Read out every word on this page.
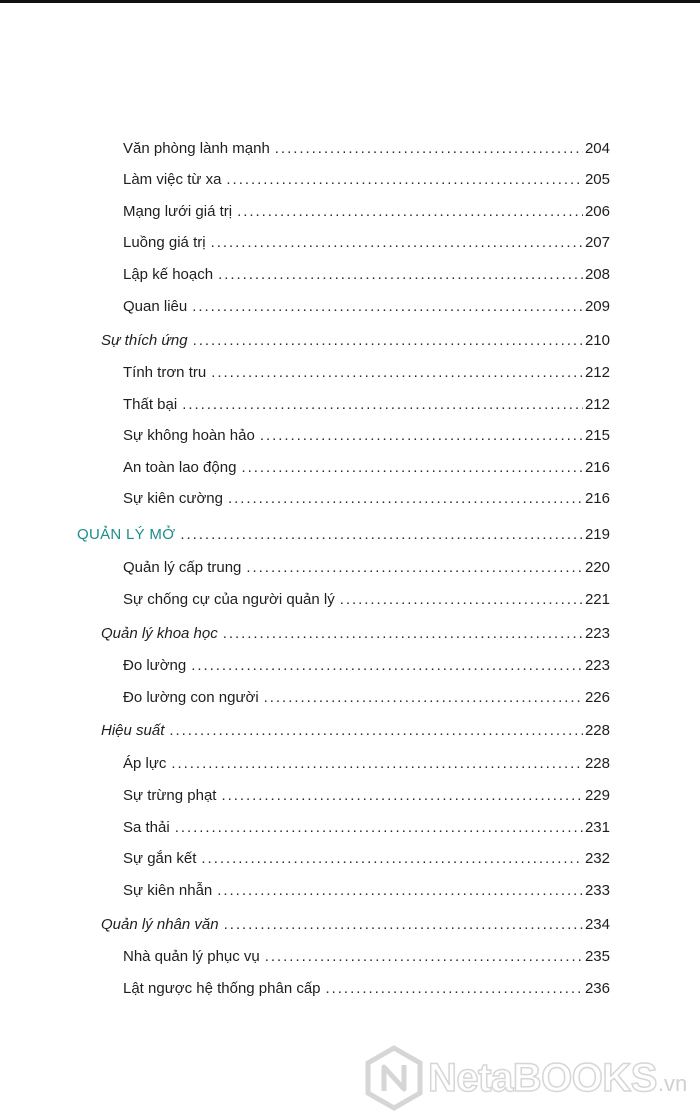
Văn phòng lành mạnh . . .	204
Làm việc từ xa . . .	205
Mạng lưới giá trị . . .	206
Luồng giá trị . . .	207
Lập kế hoạch . . .	208
Quan liêu . . .	209
Sự thích ứng . . .	210
Tính trơn tru . . .	212
Thất bại . . .	212
Sự không hoàn hảo . . .	215
An toàn lao động . . .	216
Sự kiên cường . . .	216
QUẢN LÝ MỞ . . .	219
Quản lý cấp trung . . .	220
Sự chống cự của người quản lý . . .	221
Quản lý khoa học . . .	223
Đo lường . . .	223
Đo lường con người . . .	226
Hiệu suất . . .	228
Áp lực . . .	228
Sự trừng phạt . . .	229
Sa thải . . .	231
Sự gắn kết . . .	232
Sự kiên nhẫn . . .	233
Quản lý nhân văn . . .	234
Nhà quản lý phục vụ . . .	235
Lật ngược hệ thống phân cấp . . .	236
NetaBOOKS .vn
